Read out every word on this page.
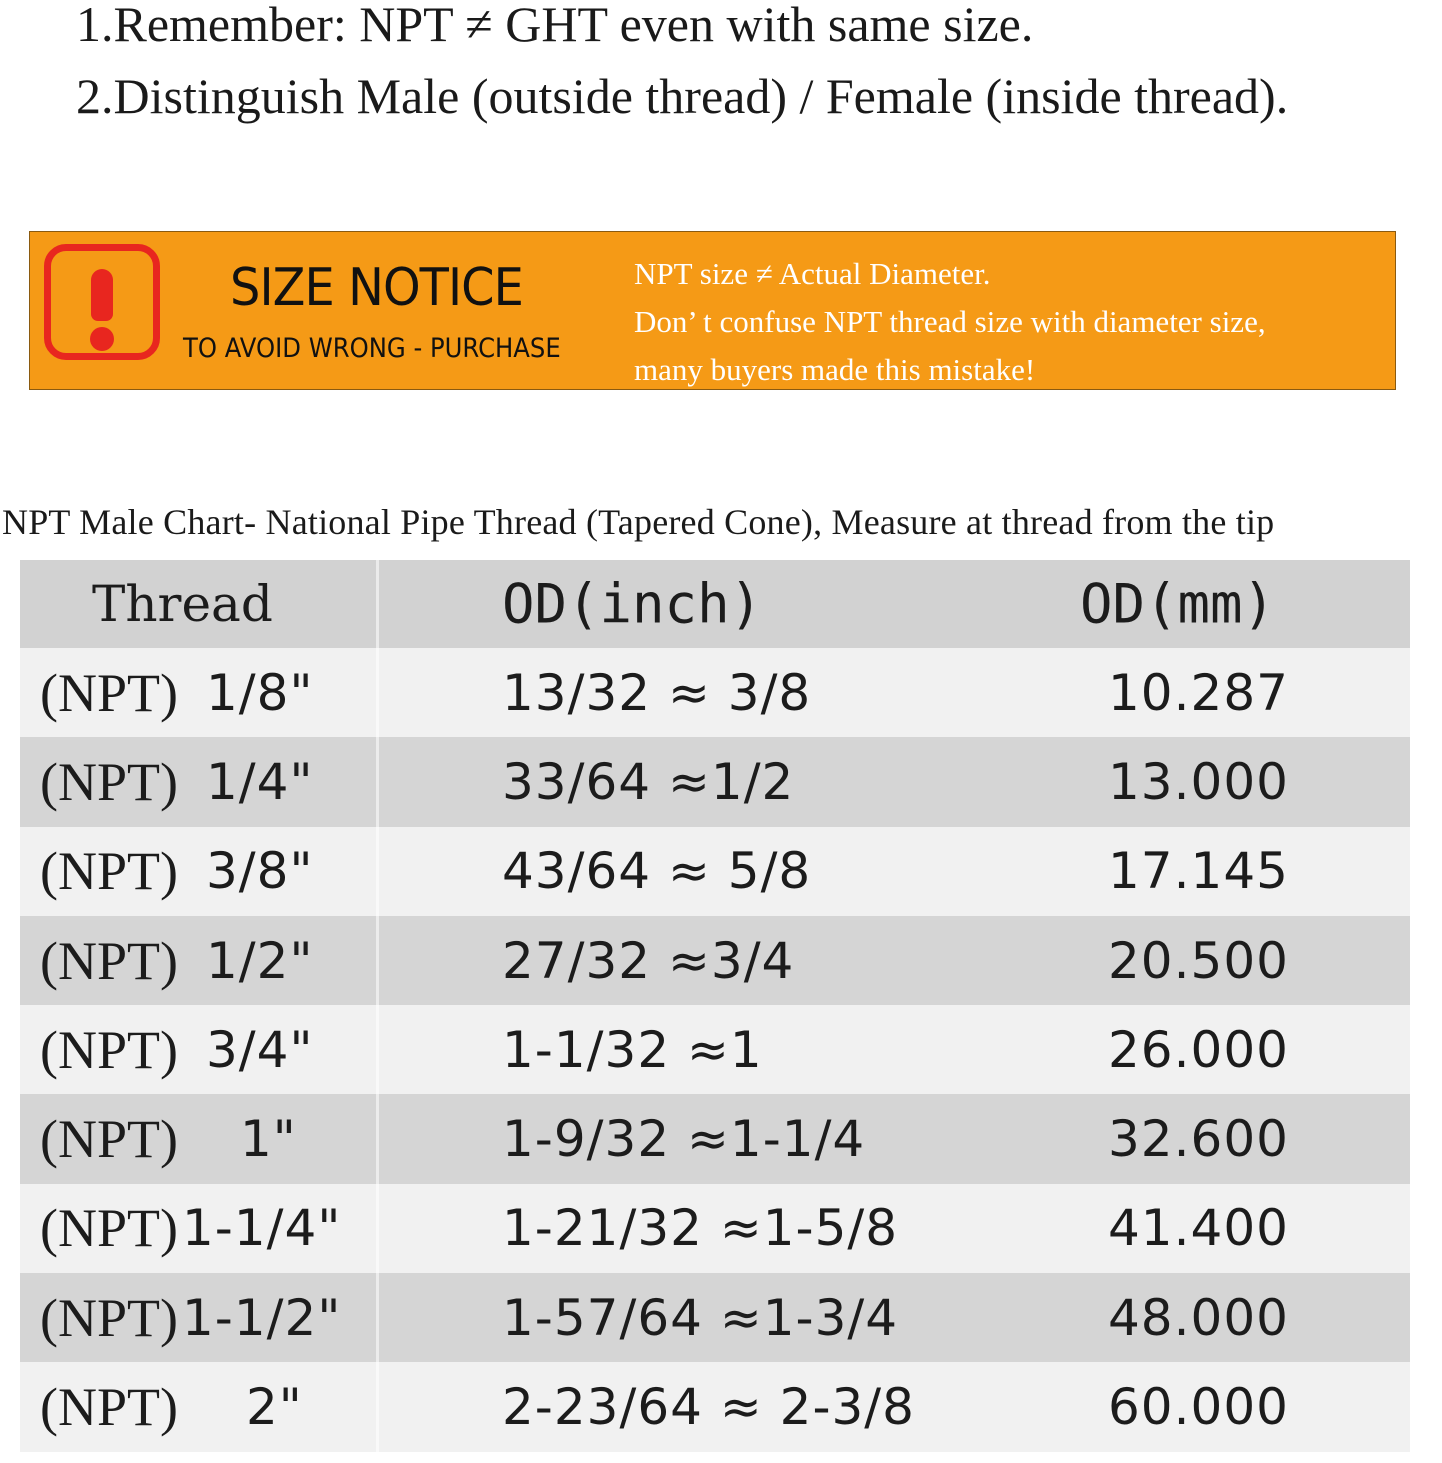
1.Remember: NPT ≠ GHT even with same size.
2.Distinguish Male (outside thread) / Female (inside thread).
SIZE NOTICE
TO AVOID WRONG - PURCHASE
NPT size ≠ Actual Diameter.
Don’ t confuse NPT thread size with diameter size,
many buyers made this mistake!
NPT Male Chart- National Pipe Thread (Tapered Cone), Measure at thread from the tip
Thread	OD(inch)	OD(mm)
(NPT) 1/8"	13/32 ≈ 3/8	10.287
(NPT) 1/4"	33/64 ≈1/2	13.000
(NPT) 3/8"	43/64 ≈ 5/8	17.145
(NPT) 1/2"	27/32 ≈3/4	20.500
(NPT) 3/4"	1-1/32 ≈1	26.000
(NPT) 1"	1-9/32 ≈1-1/4	32.600
(NPT) 1-1/4"	1-21/32 ≈1-5/8	41.400
(NPT) 1-1/2"	1-57/64 ≈1-3/4	48.000
(NPT) 2"	2-23/64 ≈ 2-3/8	60.000
